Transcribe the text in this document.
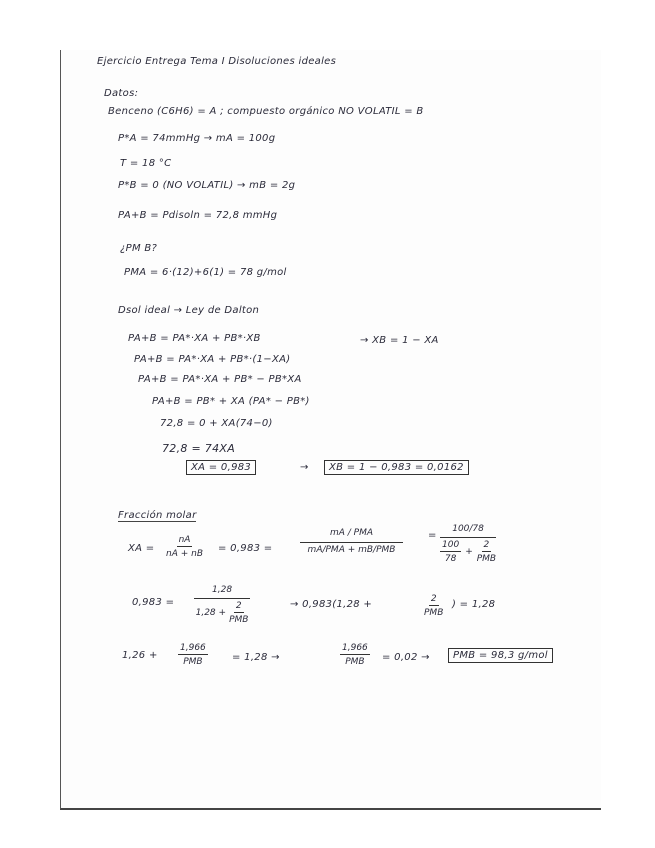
Ejercicio Entrega Tema I Disoluciones ideales
Datos:
Benceno (C6H6) = A ; compuesto orgánico NO VOLATIL = B
P*A = 74mmHg → mA = 100g
T = 18 °C
P*B = 0 (NO VOLATIL) → mB = 2g
PA+B = Pdisoln = 72,8 mmHg
¿PM B?
PMA = 6·(12)+6(1) = 78 g/mol
Dsol ideal → Ley de Dalton
PA+B = PA*·XA + PB*·XB	→ XB = 1 − XA
PA+B = PA*·XA + PB*·(1−XA)
PA+B = PA*·XA + PB* − PB*XA
PA+B = PB* + XA (PA* − PB*)
72,8 = 0 + XA(74−0)
72,8 = 74XA
XA = 0,983	→	XB = 1 − 0,983 = 0,0162
Fracción molar
XA = $\frac{nA}{nA + nB} = 0,983$ =
mA / PMA
mA/PMA + mB/PMB
=
100/78
$\frac{100}{78} + \frac{2}{\text{PMB}}$
0,983 =
1,28
$1,28 + \frac{2}{\text{PMB}}$	→ 0,983(1,28 +	2
PMB
) = 1,28
1,26 +
1,966
PMB	= 1,28 →
1,966
PMB = 0,02 →	PMB = 98,3 g/mol
